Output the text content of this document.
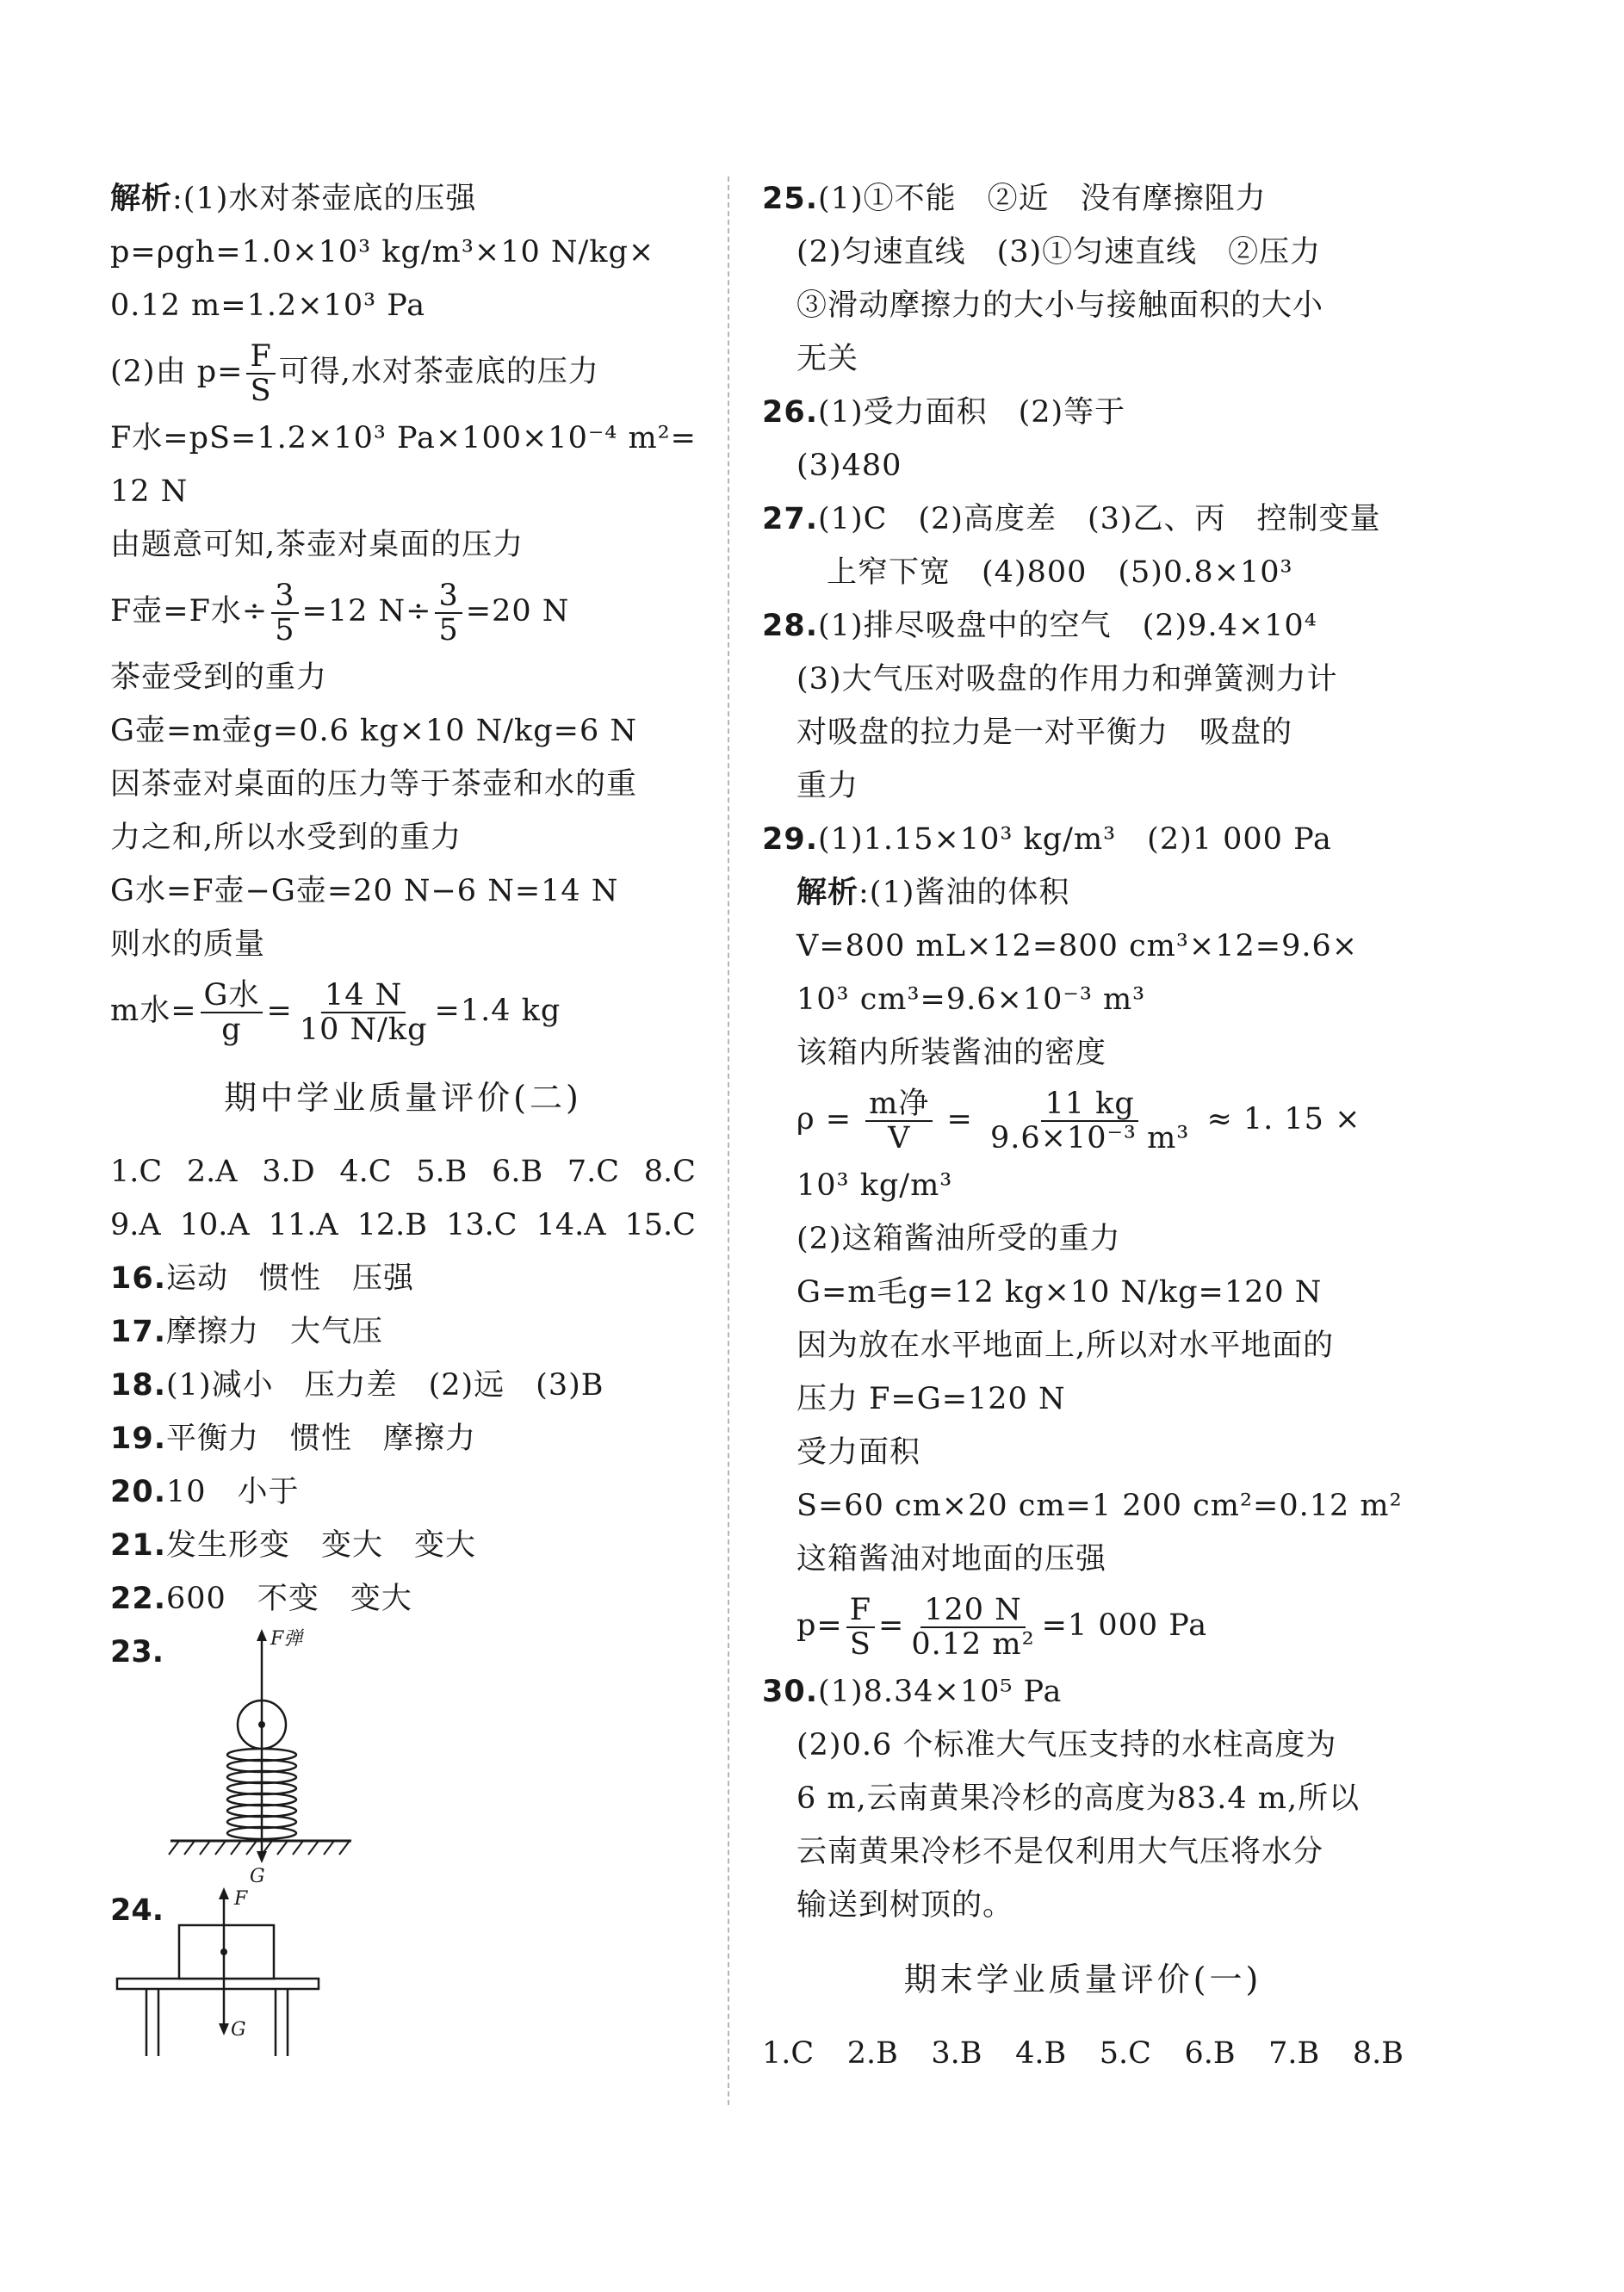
解析:(1)水对茶壶底的压强
p=ρgh=1.0×10³ kg/m³×10 N/kg×
0.12 m=1.2×10³ Pa
(2)由 $p= \frac{F}{S}$ 可得,水对茶壶底的压力
F水=pS=1.2×10³ Pa×100×10⁻⁴ m²=
12 N
由题意可知,茶壶对桌面的压力
F壶=F水÷ $\frac{3}{5} =12$ $N\div \frac{3}{5} =20$ N
茶壶受到的重力
G壶=m壶g=0.6 kg×10 N/kg=6 N
因茶壶对桌面的压力等于茶壶和水的重
力之和,所以水受到的重力
G水=F壶−G壶=20 N−6 N=14 N
则水的质量
m水= $\frac{\text{G水}}{g} = \frac{14 N}{10 N/kg} =1.4$ kg
期中学业质量评价(二)
1.C 2.A 3.D 4.C 5.B 6.B 7.C 8.C
9.A 10.A 11.A 12.B 13.C 14.A 15.C
16.运动　惯性　压强
17.摩擦力　大气压
18.(1)减小　压力差　(2)远　(3)B
19.平衡力　惯性　摩擦力
20.10　小于
21.发生形变　变大　变大
22.600　不变　变大
23.	F弹
G
24.	F
G
25.(1)①不能　②近　没有摩擦阻力
(2)匀速直线　(3)①匀速直线　②压力
③滑动摩擦力的大小与接触面积的大小
无关
26.(1)受力面积　(2)等于
(3)480
27.(1)C　(2)高度差　(3)乙、丙　控制变量
上窄下宽　(4)800　(5)0.8×10³
28.(1)排尽吸盘中的空气　(2)9.4×10⁴
(3)大气压对吸盘的作用力和弹簧测力计
对吸盘的拉力是一对平衡力　吸盘的
重力
29.(1)1.15×10³ kg/m³　(2)1 000 Pa
解析:(1)酱油的体积
V=800 mL×12=800 cm³×12=9.6×
10³ cm³=9.6×10⁻³ m³
该箱内所装酱油的密度
$\rho = \frac{\text{m净}}{V} = \frac{11 kg}{\text{9.6×10⁻³ m³}} \approx 1$. 15 ×
10³ kg/m³
(2)这箱酱油所受的重力
G=m毛g=12 kg×10 N/kg=120 N
因为放在水平地面上,所以对水平地面的
压力 F=G=120 N
受力面积
S=60 cm×20 cm=1 200 cm²=0.12 m²
这箱酱油对地面的压强
$p= \frac{F}{S} = \frac{120 N}{\text{0.12 m²}} =1$ 000 Pa
30.(1)8.34×10⁵ Pa
(2)0.6 个标准大气压支持的水柱高度为
6 m,云南黄果冷杉的高度为83.4 m,所以
云南黄果冷杉不是仅利用大气压将水分
输送到树顶的。
期末学业质量评价(一)
1.C 2.B 3.B 4.B 5.C 6.B 7.B 8.B
